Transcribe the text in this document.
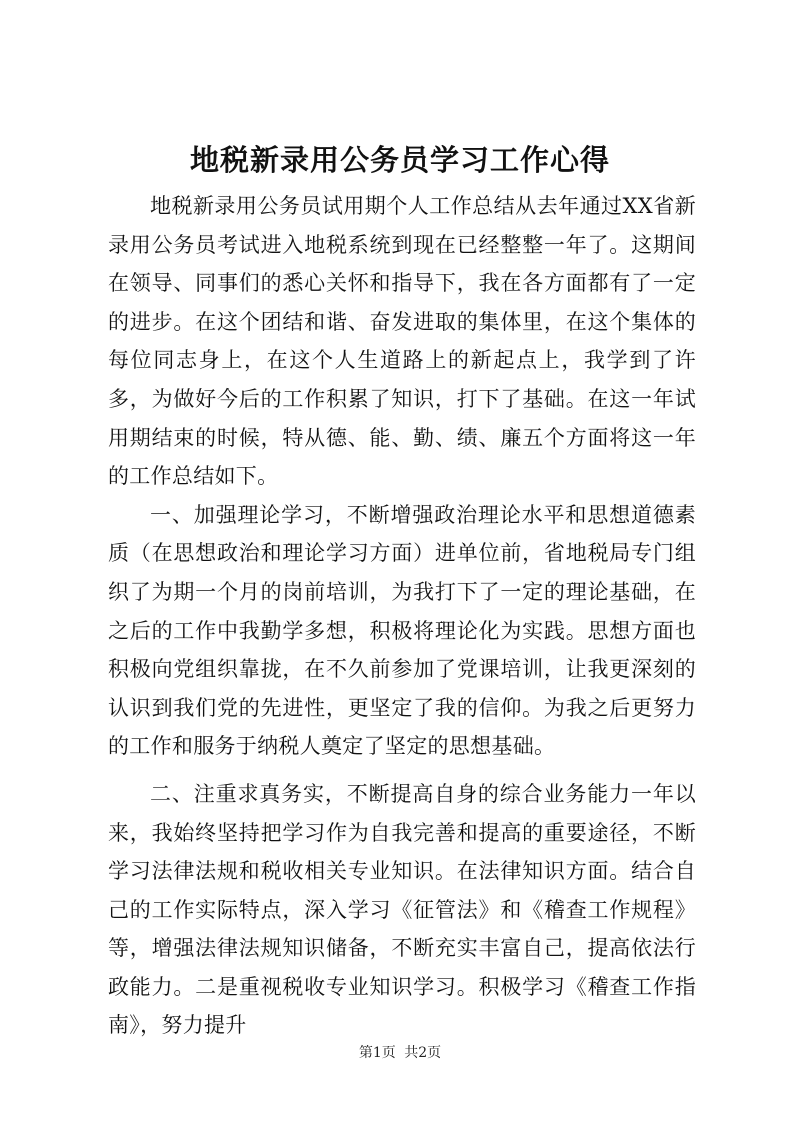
地税新录用公务员学习工作心得

地税新录用公务员试用期个人工作总结从去年通过XX省新录用公务员考试进入地税系统到现在已经整整一年了。这期间在领导、同事们的悉心关怀和指导下，我在各方面都有了一定的进步。在这个团结和谐、奋发进取的集体里，在这个集体的每位同志身上，在这个人生道路上的新起点上，我学到了许多，为做好今后的工作积累了知识，打下了基础。在这一年试用期结束的时候，特从德、能、勤、绩、廉五个方面将这一年的工作总结如下。

一、加强理论学习，不断增强政治理论水平和思想道德素质（在思想政治和理论学习方面）进单位前，省地税局专门组织了为期一个月的岗前培训，为我打下了一定的理论基础，在之后的工作中我勤学多想，积极将理论化为实践。思想方面也积极向党组织靠拢，在不久前参加了党课培训，让我更深刻的认识到我们党的先进性，更坚定了我的信仰。为我之后更努力的工作和服务于纳税人奠定了坚定的思想基础。

二、注重求真务实，不断提高自身的综合业务能力一年以来，我始终坚持把学习作为自我完善和提高的重要途径，不断学习法律法规和税收相关专业知识。在法律知识方面。结合自己的工作实际特点，深入学习《征管法》和《稽查工作规程》等，增强法律法规知识储备，不断充实丰富自己，提高依法行政能力。二是重视税收专业知识学习。积极学习《稽查工作指南》，努力提升

第1页 共2页
